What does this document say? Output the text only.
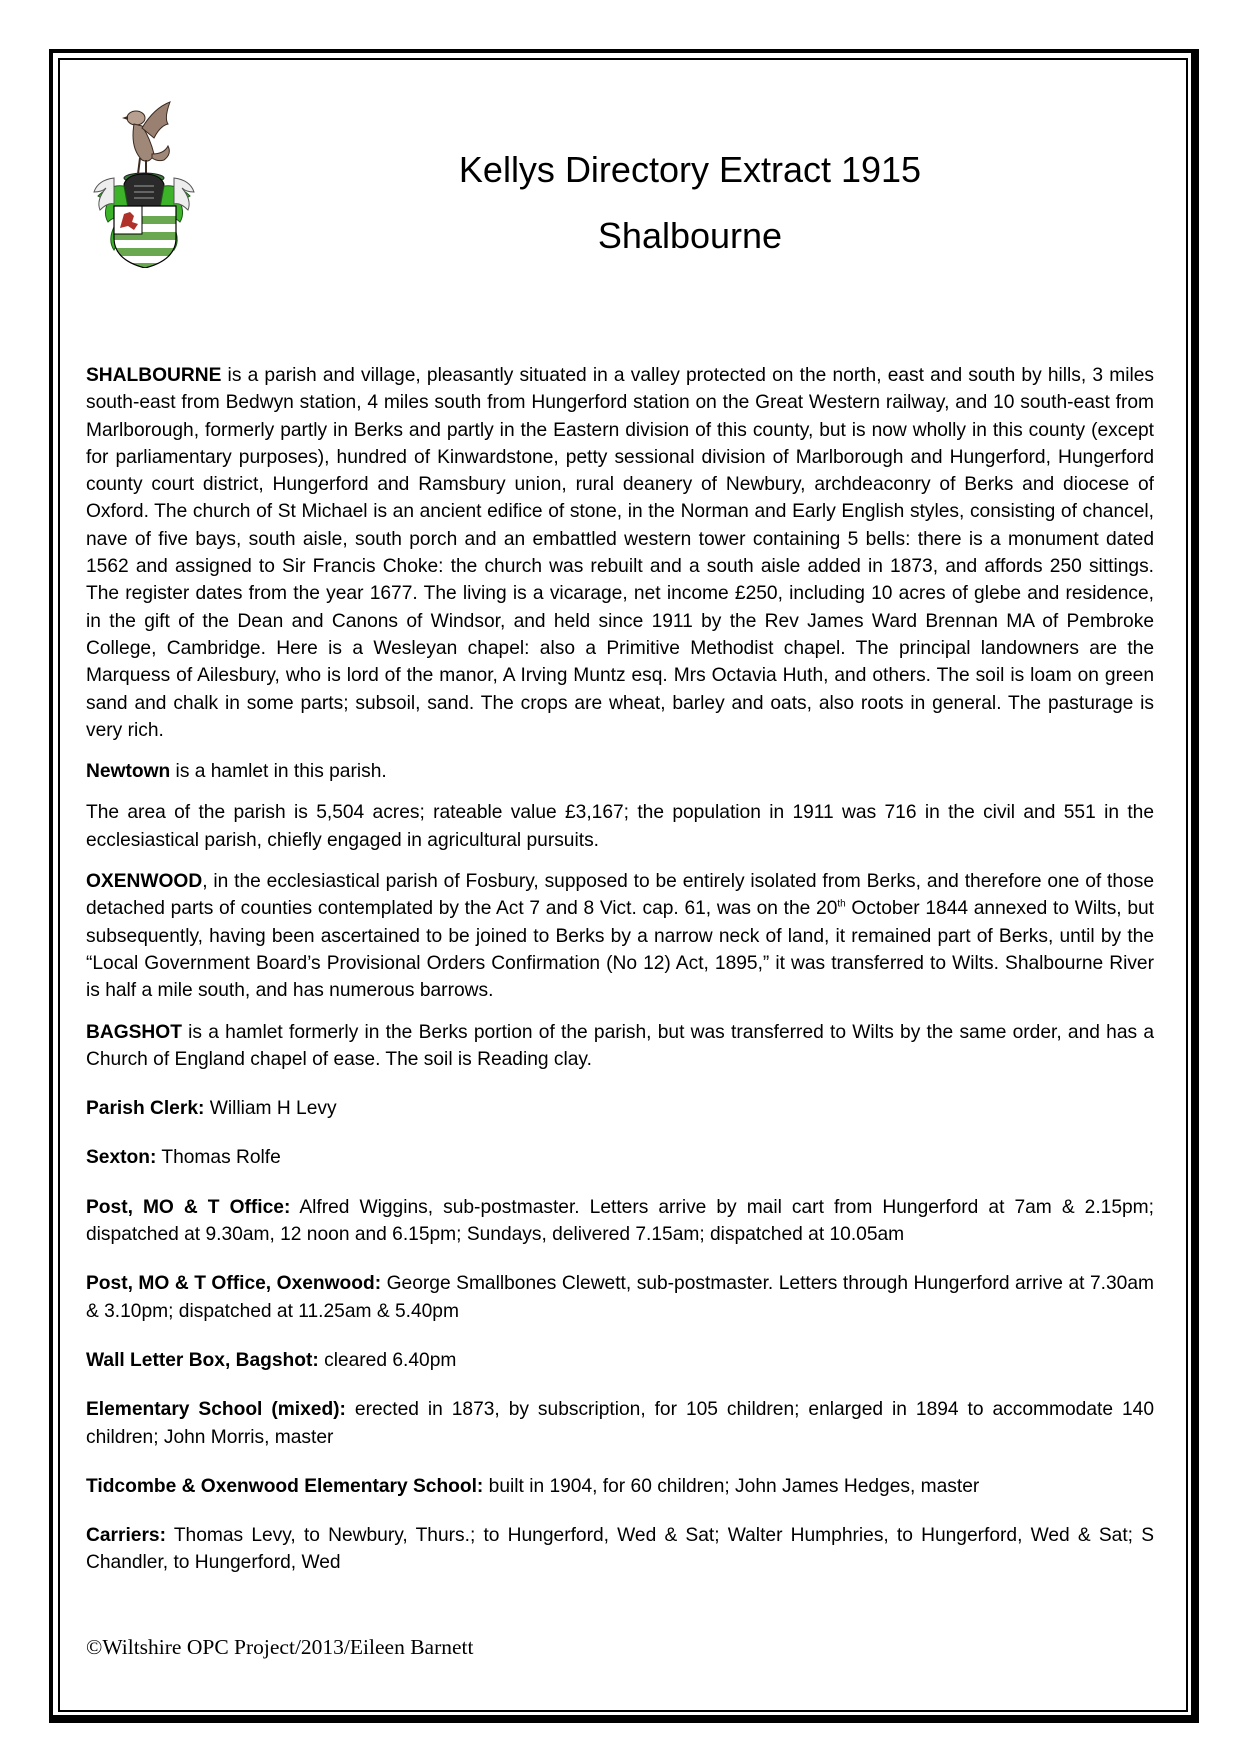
Kellys Directory Extract 1915
Shalbourne

SHALBOURNE is a parish and village, pleasantly situated in a valley protected on the north, east and south by hills, 3 miles south-east from Bedwyn station, 4 miles south from Hungerford station on the Great Western railway, and 10 south-east from Marlborough, formerly partly in Berks and partly in the Eastern division of this county, but is now wholly in this county (except for parliamentary purposes), hundred of Kinwardstone, petty sessional division of Marlborough and Hungerford, Hungerford county court district, Hungerford and Ramsbury union, rural deanery of Newbury, archdeaconry of Berks and diocese of Oxford. The church of St Michael is an ancient edifice of stone, in the Norman and Early English styles, consisting of chancel, nave of five bays, south aisle, south porch and an embattled western tower containing 5 bells: there is a monument dated 1562 and assigned to Sir Francis Choke: the church was rebuilt and a south aisle added in 1873, and affords 250 sittings. The register dates from the year 1677. The living is a vicarage, net income £250, including 10 acres of glebe and residence, in the gift of the Dean and Canons of Windsor, and held since 1911 by the Rev James Ward Brennan MA of Pembroke College, Cambridge. Here is a Wesleyan chapel: also a Primitive Methodist chapel. The principal landowners are the Marquess of Ailesbury, who is lord of the manor, A Irving Muntz esq. Mrs Octavia Huth, and others. The soil is loam on green sand and chalk in some parts; subsoil, sand. The crops are wheat, barley and oats, also roots in general. The pasturage is very rich.

Newtown is a hamlet in this parish.

The area of the parish is 5,504 acres; rateable value £3,167; the population in 1911 was 716 in the civil and 551 in the ecclesiastical parish, chiefly engaged in agricultural pursuits.

OXENWOOD, in the ecclesiastical parish of Fosbury, supposed to be entirely isolated from Berks, and therefore one of those detached parts of counties contemplated by the Act 7 and 8 Vict. cap. 61, was on the 20th October 1844 annexed to Wilts, but subsequently, having been ascertained to be joined to Berks by a narrow neck of land, it remained part of Berks, until by the “Local Government Board’s Provisional Orders Confirmation (No 12) Act, 1895,” it was transferred to Wilts. Shalbourne River is half a mile south, and has numerous barrows.

BAGSHOT is a hamlet formerly in the Berks portion of the parish, but was transferred to Wilts by the same order, and has a Church of England chapel of ease. The soil is Reading clay.

Parish Clerk: William H Levy

Sexton: Thomas Rolfe

Post, MO & T Office: Alfred Wiggins, sub-postmaster. Letters arrive by mail cart from Hungerford at 7am & 2.15pm; dispatched at 9.30am, 12 noon and 6.15pm; Sundays, delivered 7.15am; dispatched at 10.05am

Post, MO & T Office, Oxenwood: George Smallbones Clewett, sub-postmaster. Letters through Hungerford arrive at 7.30am & 3.10pm; dispatched at 11.25am & 5.40pm

Wall Letter Box, Bagshot: cleared 6.40pm

Elementary School (mixed): erected in 1873, by subscription, for 105 children; enlarged in 1894 to accommodate 140 children; John Morris, master

Tidcombe & Oxenwood Elementary School: built in 1904, for 60 children; John James Hedges, master

Carriers: Thomas Levy, to Newbury, Thurs.; to Hungerford, Wed & Sat; Walter Humphries, to Hungerford, Wed & Sat; S Chandler, to Hungerford, Wed

©Wiltshire OPC Project/2013/Eileen Barnett
